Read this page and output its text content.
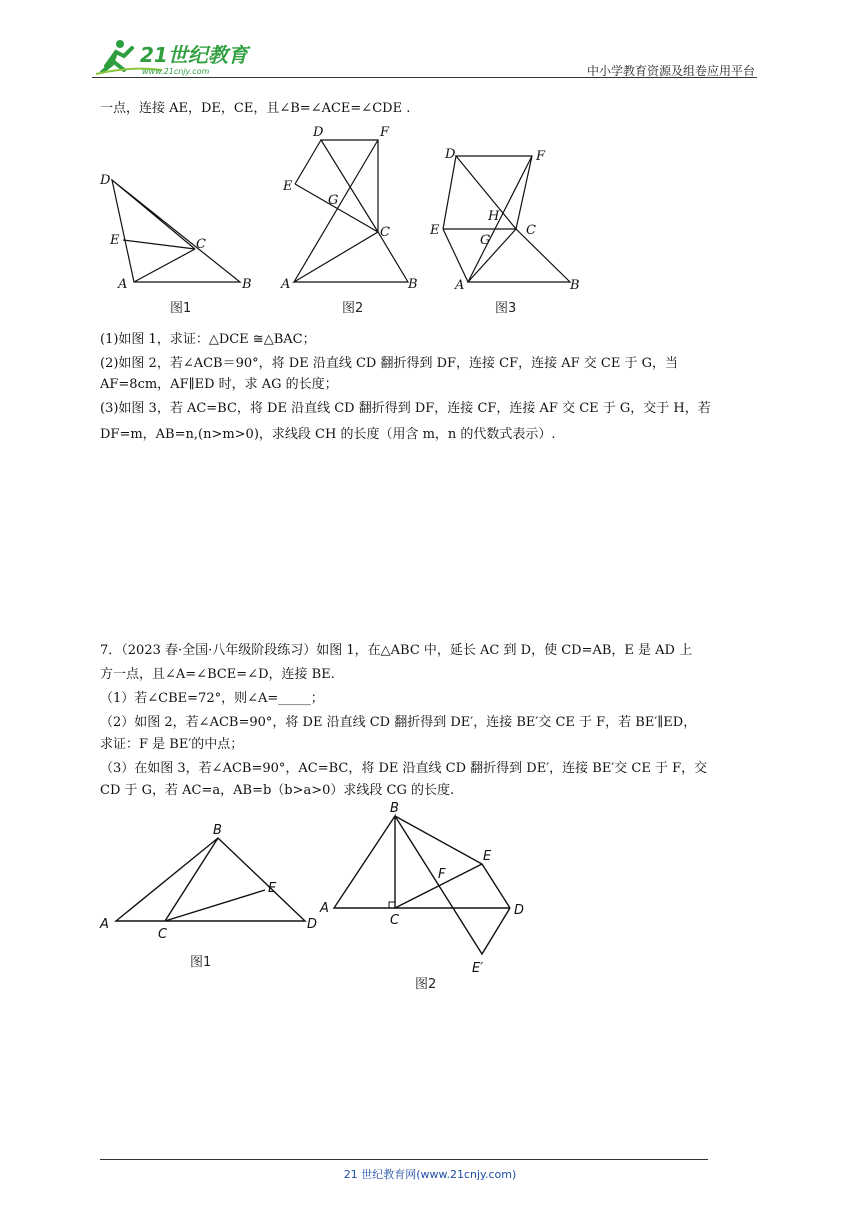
21世纪教育
www.21cnjy.com	中小学教育资源及组卷应用平台
一点，连接 AE，DE，CE，且∠B=∠ACE=∠CDE .
D
E	C
A	B
图1
D	F
E
G
C
A	B
图2
D	F
H
E
G
C
A	B
图3
(1)如图 1，求证：△DCE ≅△BAC；
(2)如图 2，若∠ACB＝90°，将 DE 沿直线 CD 翻折得到 DF，连接 CF，连接 AF 交 CE 于 G，当
AF=8cm，AF∥ED 时，求 AG 的长度；
(3)如图 3，若 AC=BC，将 DE 沿直线 CD 翻折得到 DF，连接 CF，连接 AF 交 CE 于 G，交于 H，若
DF=m，AB=n,(n>m>0)，求线段 CH 的长度（用含 m，n 的代数式表示）.
7．（2023 春·全国·八年级阶段练习）如图 1，在△ABC 中，延长 AC 到 D，使 CD=AB，E 是 AD 上
方一点，且∠A=∠BCE=∠D，连接 BE.
（1）若∠CBE=72°，则∠A=_____；
（2）如图 2，若∠ACB=90°，将 DE 沿直线 CD 翻折得到 DE′，连接 BE′交 CE 于 F，若 BE′∥ED，
求证：F 是 BE′的中点；
（3）在如图 3，若∠ACB=90°，AC=BC，将 DE 沿直线 CD 翻折得到 DE′，连接 BE′交 CE 于 F，交
CD 于 G，若 AC=a，AB=b（b>a>0）求线段 CG 的长度.
A
B
C
D
E
图1
B
A
C
D
E
F
E′
图2
21 世纪教育网(www.21cnjy.com)
